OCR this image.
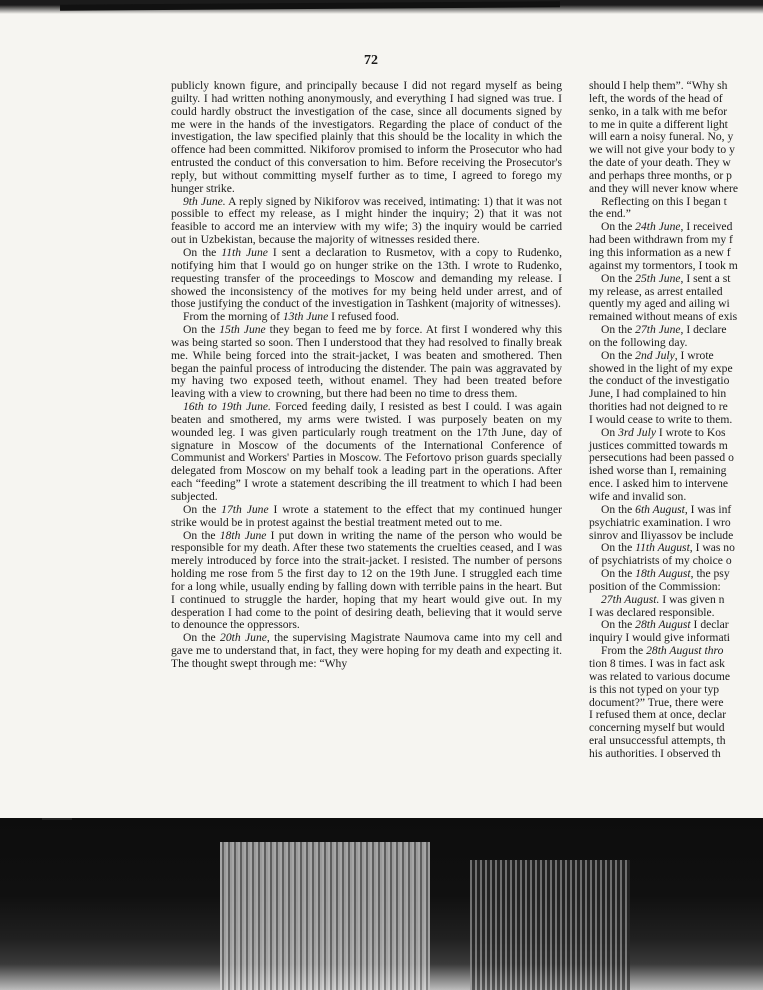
72

publicly known figure, and principally because I did not regard myself as being guilty. I had written nothing anonymously, and everything I had signed was true. I could hardly obstruct the investigation of the case, since all documents signed by me were in the hands of the investigators. Regarding the place of conduct of the investigation, the law specified plainly that this should be the locality in which the offence had been committed. Nikiforov promised to inform the Prosecutor who had entrusted the conduct of this conversation to him. Before receiving the Prosecutor's reply, but without committing myself further as to time, I agreed to forego my hunger strike.

9th June. A reply signed by Nikiforov was received, intimating: 1) that it was not possible to effect my release, as I might hinder the inquiry; 2) that it was not feasible to accord me an interview with my wife; 3) the inquiry would be carried out in Uzbekistan, because the majority of witnesses resided there.

On the 11th June I sent a declaration to Rusmetov, with a copy to Rudenko, notifying him that I would go on hunger strike on the 13th. I wrote to Rudenko, requesting transfer of the proceedings to Moscow and demanding my release. I showed the inconsistency of the motives for my being held under arrest, and of those justifying the conduct of the investigation in Tashkent (majority of witnesses).

From the morning of 13th June I refused food.

On the 15th June they began to feed me by force. At first I wondered why this was being started so soon. Then I understood that they had resolved to finally break me. While being forced into the strait-jacket, I was beaten and smothered. Then began the painful process of introducing the distender. The pain was aggravated by my having two exposed teeth, without enamel. They had been treated before leaving with a view to crowning, but there had been no time to dress them.

16th to 19th June. Forced feeding daily, I resisted as best I could. I was again beaten and smothered, my arms were twisted. I was purposely beaten on my wounded leg. I was given particularly rough treatment on the 17th June, day of signature in Moscow of the documents of the International Conference of Communist and Workers' Parties in Moscow. The Fefortovo prison guards specially delegated from Moscow on my behalf took a leading part in the operations. After each “feeding” I wrote a statement describing the ill treatment to which I had been subjected.

On the 17th June I wrote a statement to the effect that my continued hunger strike would be in protest against the bestial treatment meted out to me.

On the 18th June I put down in writing the name of the person who would be responsible for my death. After these two statements the cruelties ceased, and I was merely introduced by force into the strait-jacket. I resisted. The number of persons holding me rose from 5 the first day to 12 on the 19th June. I struggled each time for a long while, usually ending by falling down with terrible pains in the heart. But I continued to struggle the harder, hoping that my heart would give out. In my desperation I had come to the point of desiring death, believing that it would serve to denounce the oppressors.

On the 20th June, the supervising Magistrate Naumova came into my cell and gave me to understand that, in fact, they were hoping for my death and expecting it. The thought swept through me: “Why

should I help them”. “Why sh

left, the words of the head of

senko, in a talk with me befor

to me in quite a different light

will earn a noisy funeral. No, y

we will not give your body to y

the date of your death. They w

and perhaps three months, or p

and they will never know where

Reflecting on this I began t

the end.”

On the 24th June, I received

had been withdrawn from my f

ing this information as a new f

against my tormentors, I took m

On the 25th June, I sent a st

my release, as arrest entailed

quently my aged and ailing wi

remained without means of exis

On the 27th June, I declare

on the following day.

On the 2nd July, I wrote

showed in the light of my expe

the conduct of the investigatio

June, I had complained to hin

thorities had not deigned to re

I would cease to write to them.

On 3rd July I wrote to Kos

justices committed towards m

persecutions had been passed o

ished worse than I, remaining

ence. I asked him to intervene

wife and invalid son.

On the 6th August, I was inf

psychiatric examination. I wro

sinrov and Iliyassov be include

On the 11th August, I was no

of psychiatrists of my choice o

On the 18th August, the psy

position of the Commission:

27th August. I was given n

I was declared responsible.

On the 28th August I declar

inquiry I would give informati

From the 28th August thro

tion 8 times. I was in fact ask

was related to various docume

is this not typed on your typ

document?” True, there were

I refused them at once, declar

concerning myself but would

eral unsuccessful attempts, th

his authorities. I observed th
